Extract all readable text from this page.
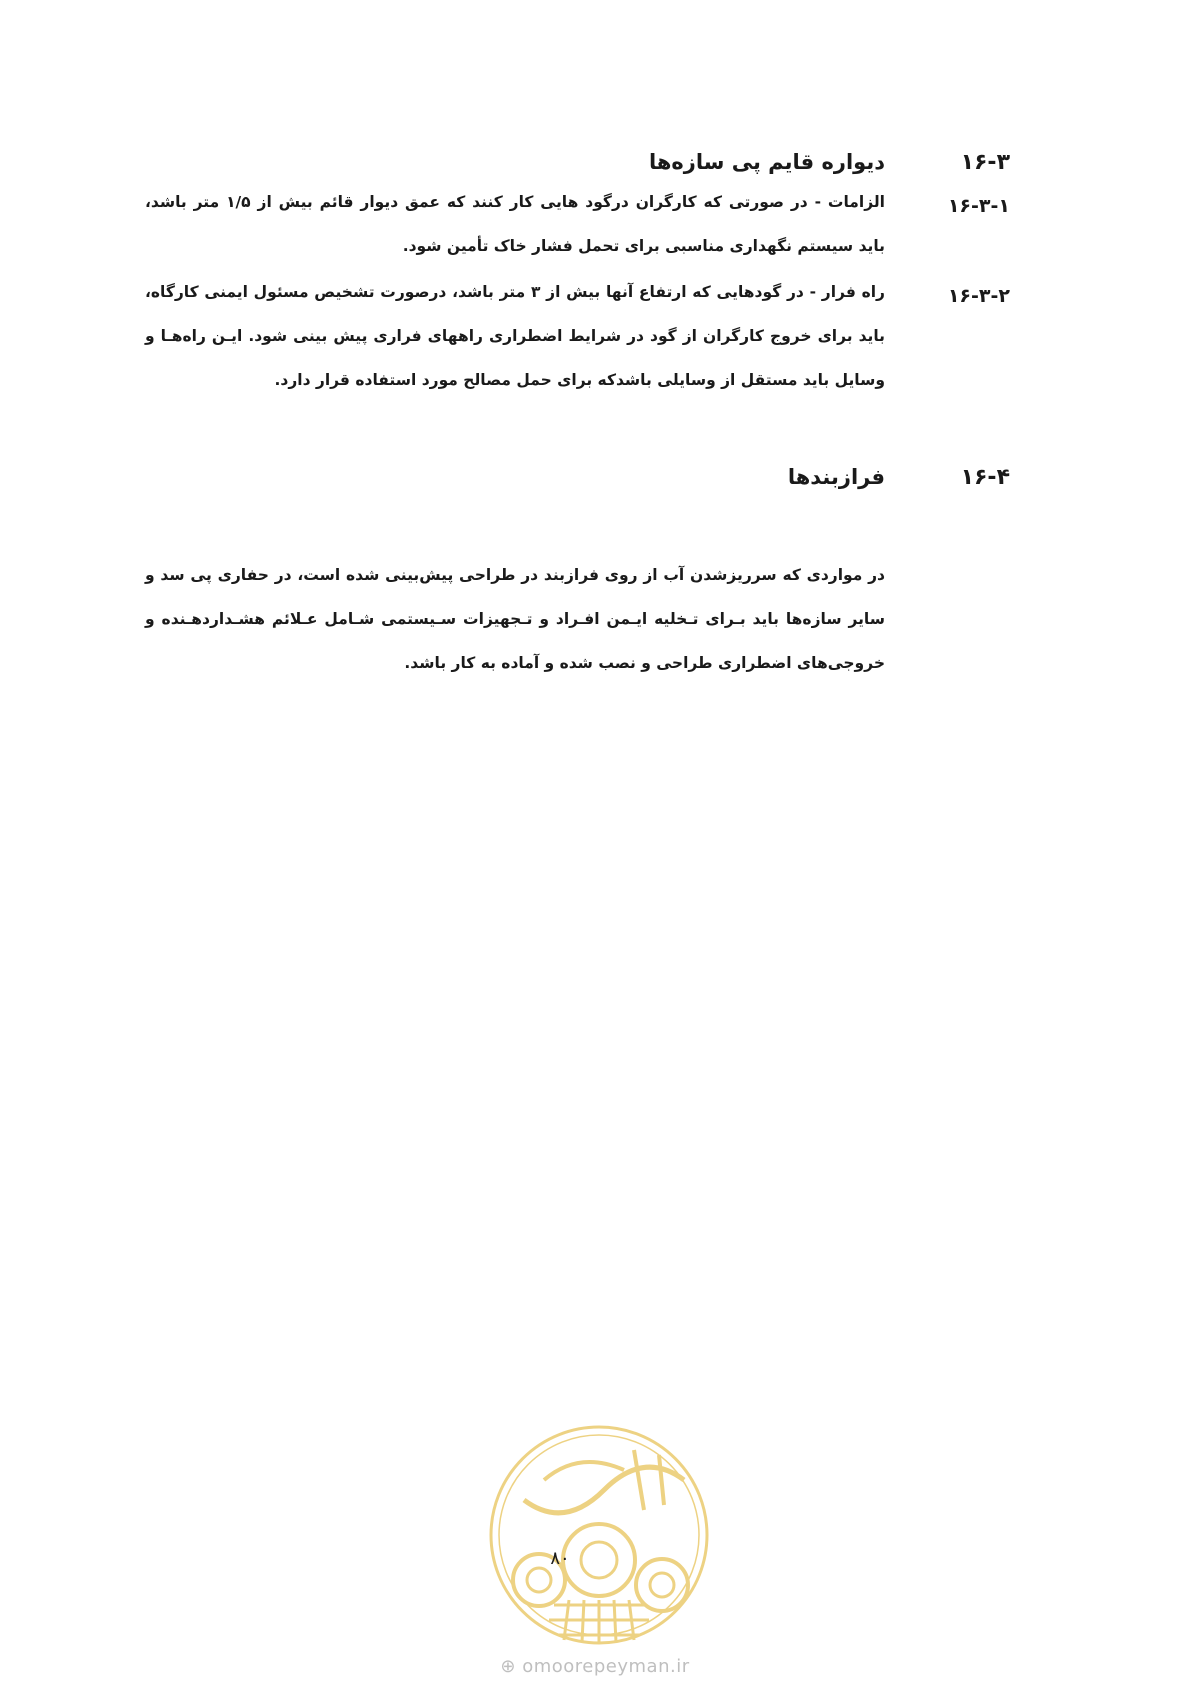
۱۶-۳
دیواره قایم پی سازه‌ها
۱۶-۳-۱
الزامات - در صورتی که کارگران درگود هایی کار کنند که عمق دیوار قائم بیش از ۱/۵ متر باشد، باید سیستم نگهداری مناسبی برای تحمل فشار خاک تأمین شود.
۱۶-۳-۲
راه فرار - در گودهایی که ارتفاع آنها بیش از ۳ متر باشد، درصورت تشخیص مسئول ایمنی کارگاه، باید برای خروج کارگران از گود در شرایط اضطراری راههای فراری پیش بینی شود. ایـن راه‌هـا و وسایل باید مستقل از وسایلی باشدکه برای حمل مصالح مورد استفاده قرار دارد.
۱۶-۴
فرازبندها
در مواردی که سرریزشدن آب از روی فرازبند در طراحی پیش‌بینی شده است، در حفاری پی سد و سایر سازه‌ها باید بـرای تـخلیه ایـمن افـراد و تـجهیزات سـیستمی شـامل عـلائم هشـداردهـنده و خروجی‌های اضطراری طراحی و نصب شده و آماده به کار باشد.
۸۰
⊕ omoorepeyman.ir
